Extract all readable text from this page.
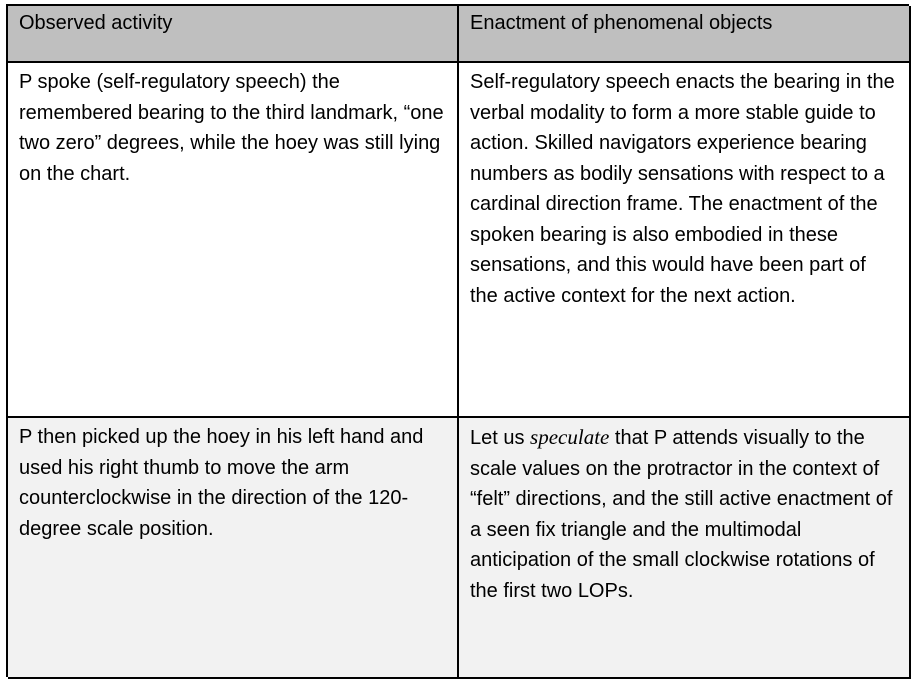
Observed activity	Enactment of phenomenal objects
P spoke (self-regulatory speech) the remembered bearing to the third landmark, “one two zero” degrees, while the hoey was still lying on the chart.
Self-regulatory speech enacts the bearing in the verbal modality to form a more stable guide to action. Skilled navigators experience bearing numbers as bodily sensations with respect to a cardinal direction frame. The enactment of the spoken bearing is also embodied in these sensations, and this would have been part of the active context for the next action.
P then picked up the hoey in his left hand and used his right thumb to move the arm counterclockwise in the direction of the 120-degree scale position.
Let us speculate that P attends visually to the scale values on the protractor in the context of “felt” directions, and the still active enactment of a seen fix triangle and the multimodal anticipation of the small clockwise rotations of the first two LOPs.
